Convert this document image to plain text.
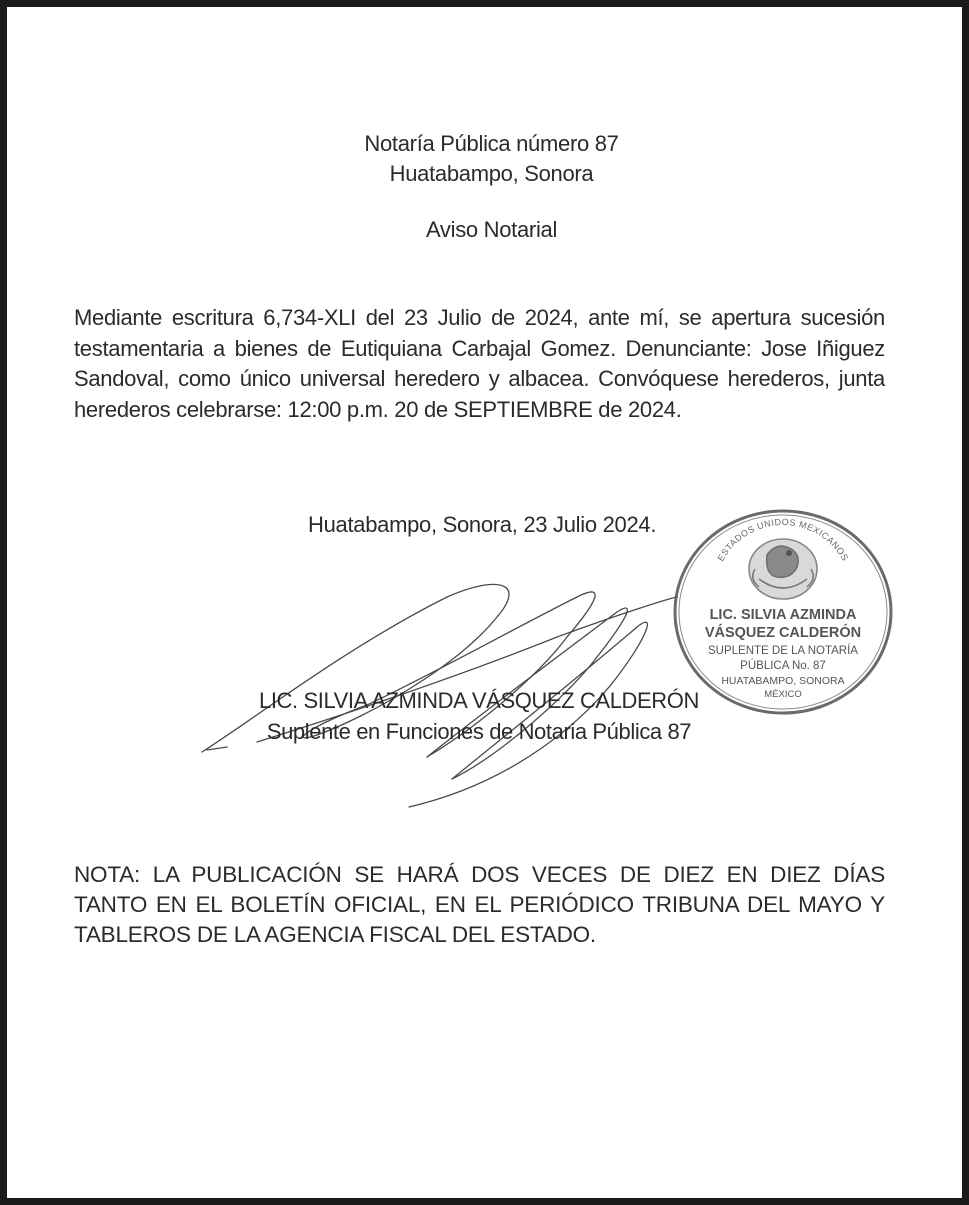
Notaría Pública número 87
Huatabampo, Sonora
Aviso Notarial
Mediante escritura 6,734-XLI del 23 Julio de 2024, ante mí, se apertura sucesión testamentaria a bienes de Eutiquiana Carbajal Gomez. Denunciante: Jose Iñiguez Sandoval, como único universal heredero y albacea. Convóquese herederos, junta herederos celebrarse: 12:00 p.m. 20 de SEPTIEMBRE de 2024.
Huatabampo, Sonora, 23 Julio 2024.
ESTADOS UNIDOS MEXICANOS
LIC. SILVIA AZMINDA
VÁSQUEZ CALDERÓN
SUPLENTE DE LA NOTARÍA
PÚBLICA No. 87
HUATABAMPO, SONORA
MÉXICO
LIC. SILVIA AZMINDA VÁSQUEZ CALDERÓN
Suplente en Funciones de Notaria Pública 87
NOTA: LA PUBLICACIÓN SE HARÁ DOS VECES DE DIEZ EN DIEZ DÍAS TANTO EN EL BOLETÍN OFICIAL, EN EL PERIÓDICO TRIBUNA DEL MAYO Y TABLEROS DE LA AGENCIA FISCAL DEL ESTADO.
